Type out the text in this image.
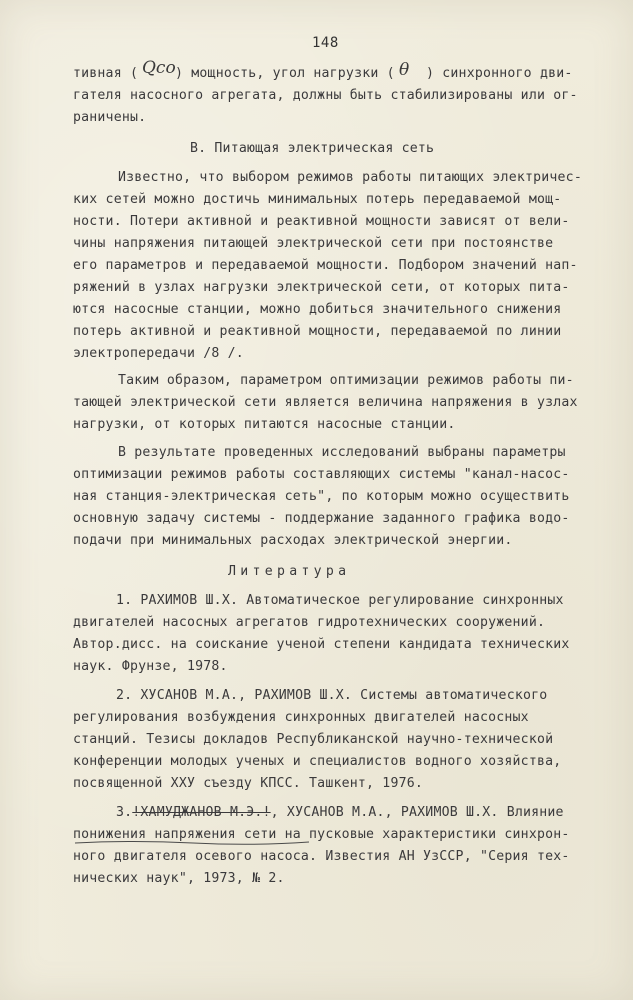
148
тивная ( Qco ) мощность, угол нагрузки ( θ ) синхронного дви-
гателя насосного агрегата, должны быть стабилизированы или ог-
раничены.
В. Питающая электрическая сеть
Известно, что выбором режимов работы питающих электричес-
ких сетей можно достичь минимальных потерь передаваемой мощ-
ности. Потери активной и реактивной мощности зависят от вели-
чины напряжения питающей электрической сети при постоянстве
его параметров и передаваемой мощности. Подбором значений нап-
ряжений в узлах нагрузки электрической сети, от которых пита-
ются насосные станции, можно добиться значительного снижения
потерь активной и реактивной мощности, передаваемой по линии
электропередачи /8 /.
Таким образом, параметром оптимизации режимов работы пи-
тающей электрической сети является величина напряжения в узлах
нагрузки, от которых питаются насосные станции.
В результате проведенных исследований выбраны параметры
оптимизации режимов работы составляющих системы "канал-насос-
ная станция-электрическая сеть", по которым можно осуществить
основную задачу системы - поддержание заданного графика водо-
подачи при минимальных расходах электрической энергии.
Литература
1. РАХИМОВ Ш.Х. Автоматическое регулирование синхронных
двигателей насосных агрегатов гидротехнических сооружений.
Автор.дисс. на соискание ученой степени кандидата технических
наук. Фрунзе, 1978.
2. ХУСАНОВ М.А., РАХИМОВ Ш.Х. Системы автоматического
регулирования возбуждения синхронных двигателей насосных
станций. Тезисы докладов Республиканской научно-технической
конференции молодых ученых и специалистов водного хозяйства,
посвященной XXУ съезду КПСС. Ташкент, 1976.
3.!ХАМУДЖАНОВ М.Э.!, ХУСАНОВ М.А., РАХИМОВ Ш.Х. Влияние
понижения напряжения сети на пусковые характеристики синхрон-
ного двигателя осевого насоса. Известия АН УзССР, "Серия тех-
нических наук", 1973, № 2.
